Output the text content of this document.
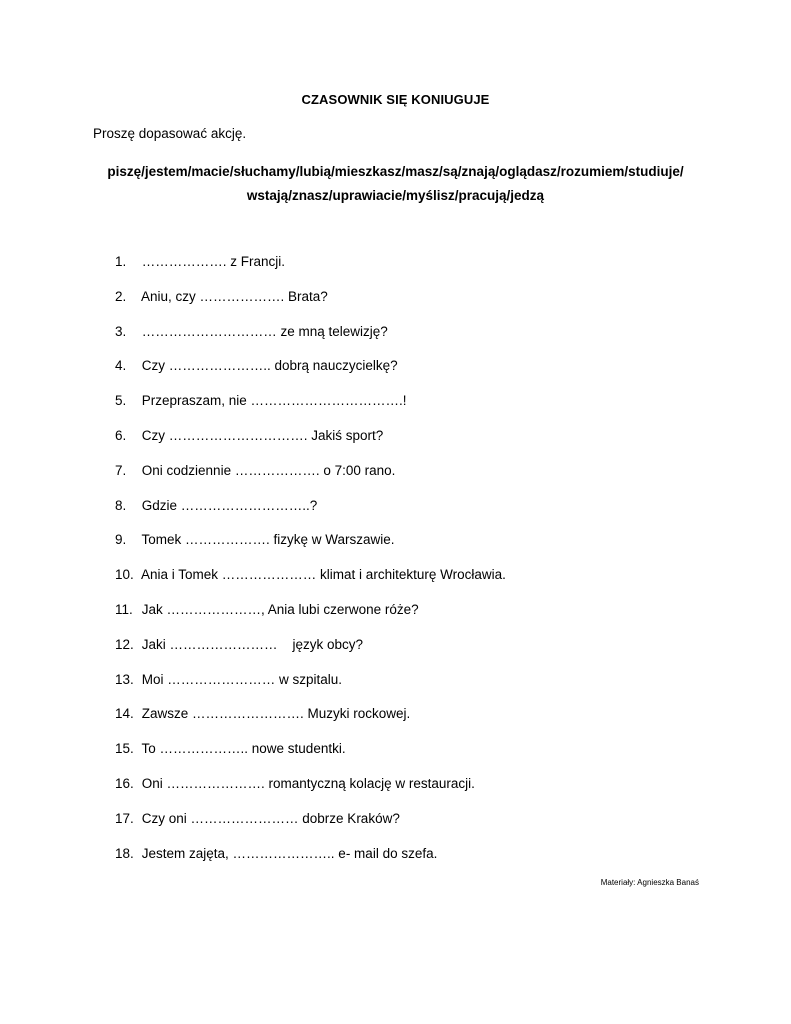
CZASOWNIK SIĘ KONIUGUJE
Proszę dopasować akcję.
piszę/jestem/macie/słuchamy/lubią/mieszkasz/masz/są/znają/oglądasz/rozumiem/studiuje/
wstają/znasz/uprawiacie/myślisz/pracują/jedzą
1. ………………. z Francji.
2. Aniu, czy ………………. Brata?
3. ………………………… ze mną telewizję?
4. Czy ………………….. dobrą nauczycielkę?
5. Przepraszam, nie …………………………….!
6. Czy …………………………. Jakiś sport?
7. Oni codziennie ………………. o 7:00 rano.
8. Gdzie ………………………..?
9. Tomek ………………. fizykę w Warszawie.
10. Ania i Tomek ………………… klimat i architekturę Wrocławia.
11. Jak …………………, Ania lubi czerwone róże?
12. Jaki ……………………    język obcy?
13. Moi …………………… w szpitalu.
14. Zawsze ……………………. Muzyki rockowej.
15. To ……………….. nowe studentki.
16. Oni …………………. romantyczną kolację w restauracji.
17. Czy oni …………………… dobrze Kraków?
18. Jestem zajęta, ………………….. e- mail do szefa.
Materiały: Agnieszka Banaś
